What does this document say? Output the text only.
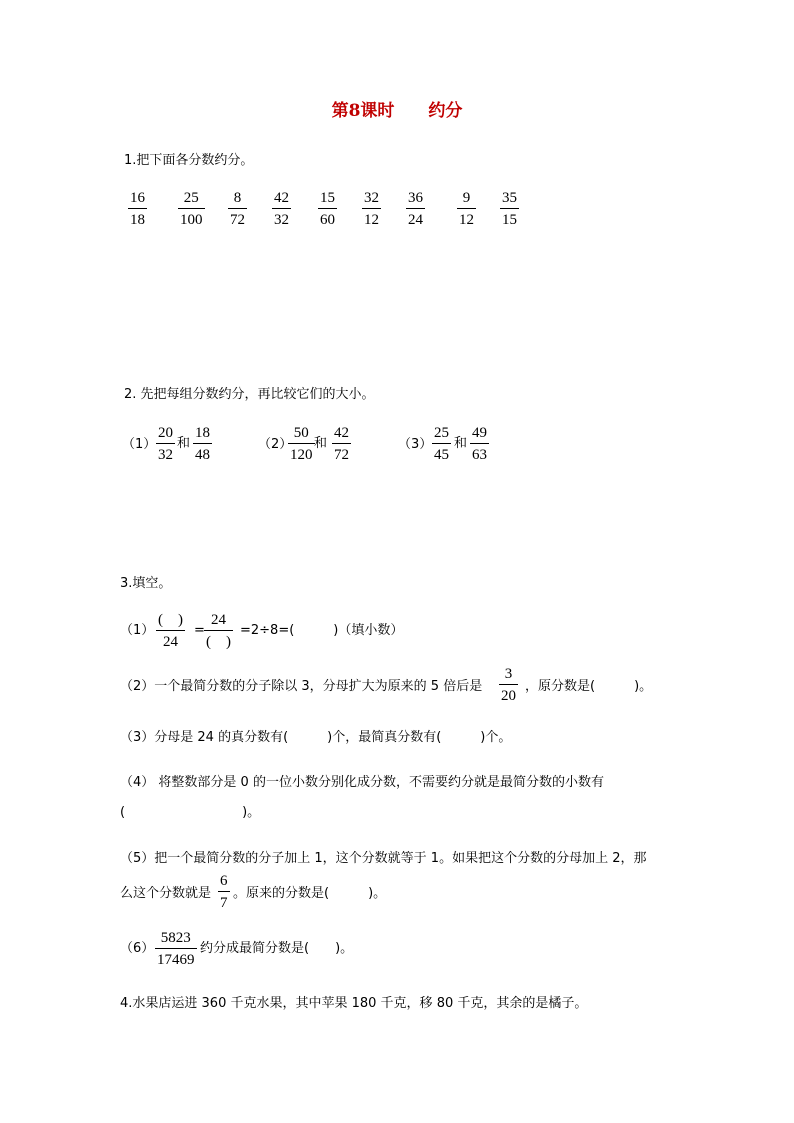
第8课时 约分
1.把下面各分数约分。
16
18
25
100
8
72
42
32
15
60
32
12
36
24
9
12
35
15
2. 先把每组分数约分，再比较它们的大小。
（1）
20
32
和
18
48
（2）
50
120
和
42
72
（3）
25
45
和
49
63
3.填空。
（1）
(　)
24
=
24
(　)
=2÷8=(　　　)（填小数）
（2）一个最简分数的分子除以 3，分母扩大为原来的 5 倍后是
3
20
，原分数是(　　　)。
（3）分母是 24 的真分数有(　　　)个，最简真分数有(　　　)个。
（4） 将整数部分是 0 的一位小数分别化成分数，不需要约分就是最简分数的小数有
(　　　　　　　　　)。
（5）把一个最简分数的分子加上 1，这个分数就等于 1。如果把这个分数的分母加上 2，那
么这个分数就是
6
7
。原来的分数是(　　　)。
（6）
5823
17469
约分成最简分数是(　　)。
4.水果店运进 360 千克水果，其中苹果 180 千克，移 80 千克，其余的是橘子。
